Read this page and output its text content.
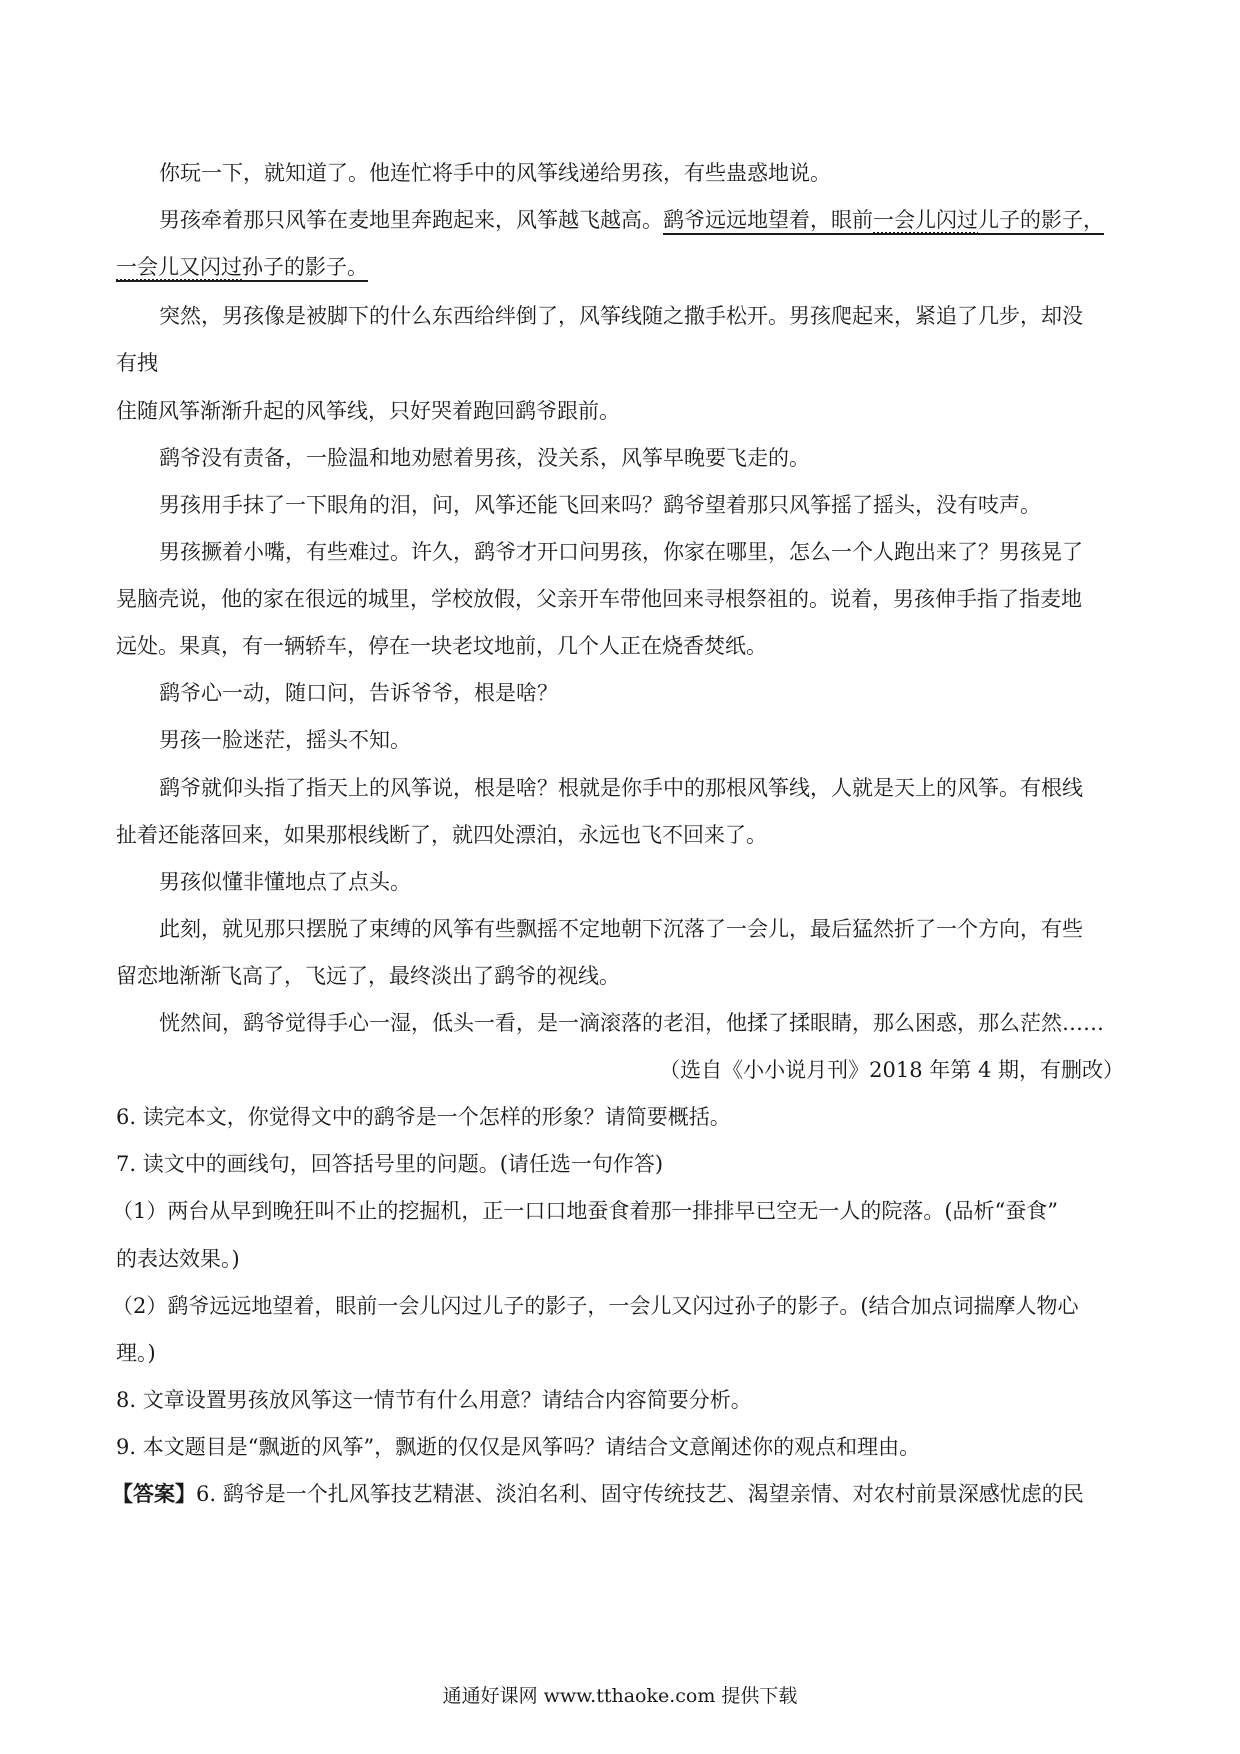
你玩一下，就知道了。他连忙将手中的风筝线递给男孩，有些蛊惑地说。
男孩牵着那只风筝在麦地里奔跑起来，风筝越飞越高。鹞爷远远地望着，眼前一会儿闪过儿子的影子，
一会儿又闪过孙子的影子。
突然，男孩像是被脚下的什么东西给绊倒了，风筝线随之撒手松开。男孩爬起来，紧追了几步，却没
有拽
住随风筝渐渐升起的风筝线，只好哭着跑回鹞爷跟前。
鹞爷没有责备，一脸温和地劝慰着男孩，没关系，风筝早晚要飞走的。
男孩用手抹了一下眼角的泪，问，风筝还能飞回来吗？鹞爷望着那只风筝摇了摇头，没有吱声。
男孩撅着小嘴，有些难过。许久，鹞爷才开口问男孩，你家在哪里，怎么一个人跑出来了？男孩晃了
晃脑壳说，他的家在很远的城里，学校放假，父亲开车带他回来寻根祭祖的。说着，男孩伸手指了指麦地
远处。果真，有一辆轿车，停在一块老坟地前，几个人正在烧香焚纸。
鹞爷心一动，随口问，告诉爷爷，根是啥？
男孩一脸迷茫，摇头不知。
鹞爷就仰头指了指天上的风筝说，根是啥？根就是你手中的那根风筝线，人就是天上的风筝。有根线
扯着还能落回来，如果那根线断了，就四处漂泊，永远也飞不回来了。
男孩似懂非懂地点了点头。
此刻，就见那只摆脱了束缚的风筝有些飘摇不定地朝下沉落了一会儿，最后猛然折了一个方向，有些
留恋地渐渐飞高了，飞远了，最终淡出了鹞爷的视线。
恍然间，鹞爷觉得手心一湿，低头一看，是一滴滚落的老泪，他揉了揉眼睛，那么困惑，那么茫然……
（选自《小小说月刊》2018 年第 4 期，有删改）
6. 读完本文，你觉得文中的鹞爷是一个怎样的形象？请简要概括。
7. 读文中的画线句，回答括号里的问题。(请任选一句作答)
（1）两台从早到晚狂叫不止的挖掘机，正一口口地蚕食着那一排排早已空无一人的院落。(品析“蚕食”
的表达效果。)
（2）鹞爷远远地望着，眼前一会儿闪过儿子的影子，一会儿又闪过孙子的影子。(结合加点词揣摩人物心
理。)
8. 文章设置男孩放风筝这一情节有什么用意？请结合内容简要分析。
9. 本文题目是“飘逝的风筝”，飘逝的仅仅是风筝吗？请结合文意阐述你的观点和理由。
【答案】6. 鹞爷是一个扎风筝技艺精湛、淡泊名利、固守传统技艺、渴望亲情、对农村前景深感忧虑的民
通通好课网 www.tthaoke.com 提供下载
